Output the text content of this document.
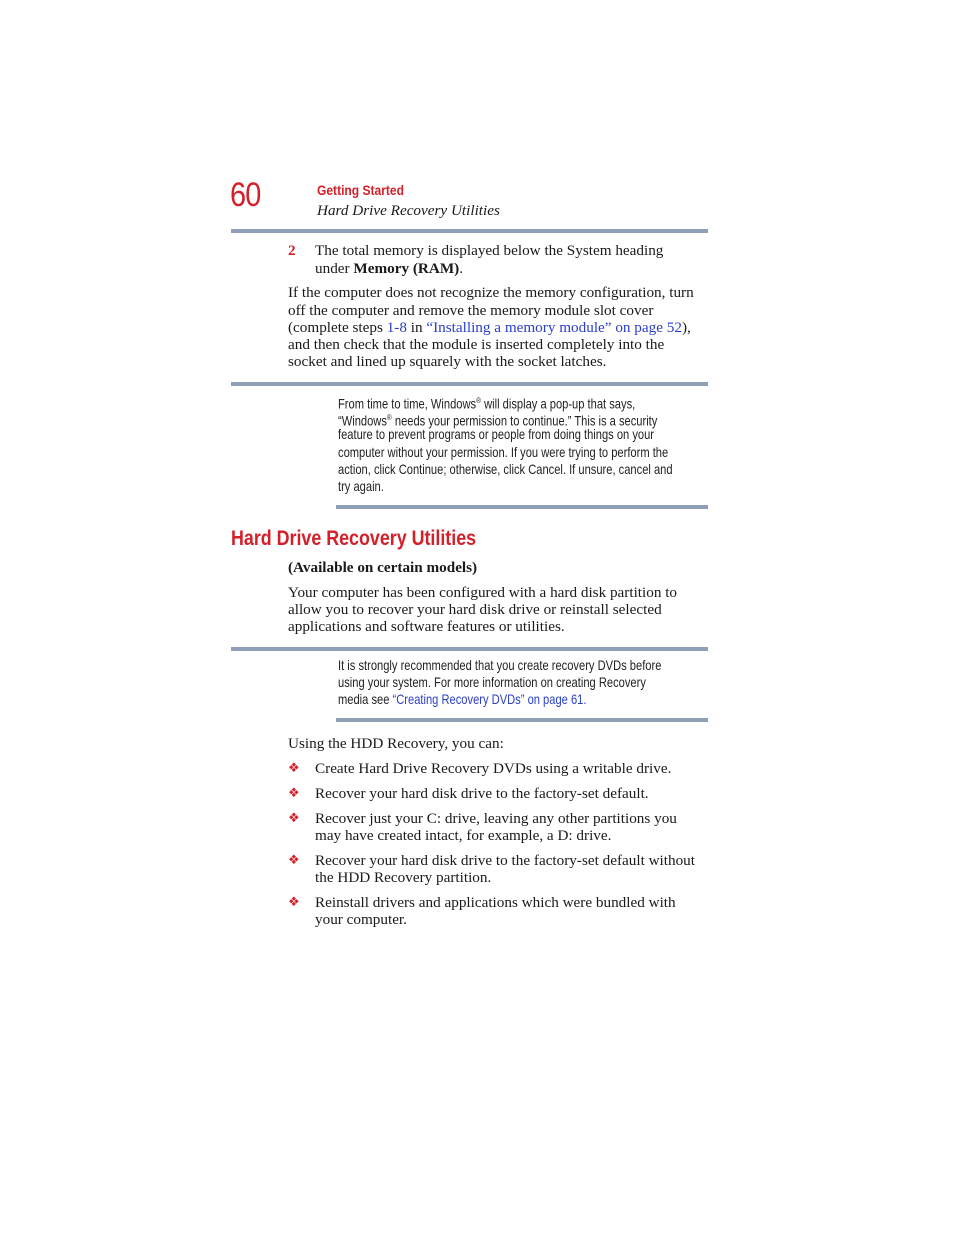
60	Getting Started
Hard Drive Recovery Utilities
2 The total memory is displayed below the System heading
under Memory (RAM).
If the computer does not recognize the memory configuration, turn
off the computer and remove the memory module slot cover
(complete steps 1-8 in “Installing a memory module” on page 52),
and then check that the module is inserted completely into the
socket and lined up squarely with the socket latches.
From time to time, Windows® will display a pop-up that says,
“Windows® needs your permission to continue.” This is a security
feature to prevent programs or people from doing things on your
computer without your permission. If you were trying to perform the
action, click Continue; otherwise, click Cancel. If unsure, cancel and
try again.
Hard Drive Recovery Utilities
(Available on certain models)
Your computer has been configured with a hard disk partition to
allow you to recover your hard disk drive or reinstall selected
applications and software features or utilities.
It is strongly recommended that you create recovery DVDs before
using your system. For more information on creating Recovery
media see “Creating Recovery DVDs” on page 61.
Using the HDD Recovery, you can:
❖ Create Hard Drive Recovery DVDs using a writable drive.
❖ Recover your hard disk drive to the factory-set default.
❖ Recover just your C: drive, leaving any other partitions you
may have created intact, for example, a D: drive.
❖ Recover your hard disk drive to the factory-set default without
the HDD Recovery partition.
❖ Reinstall drivers and applications which were bundled with
your computer.
